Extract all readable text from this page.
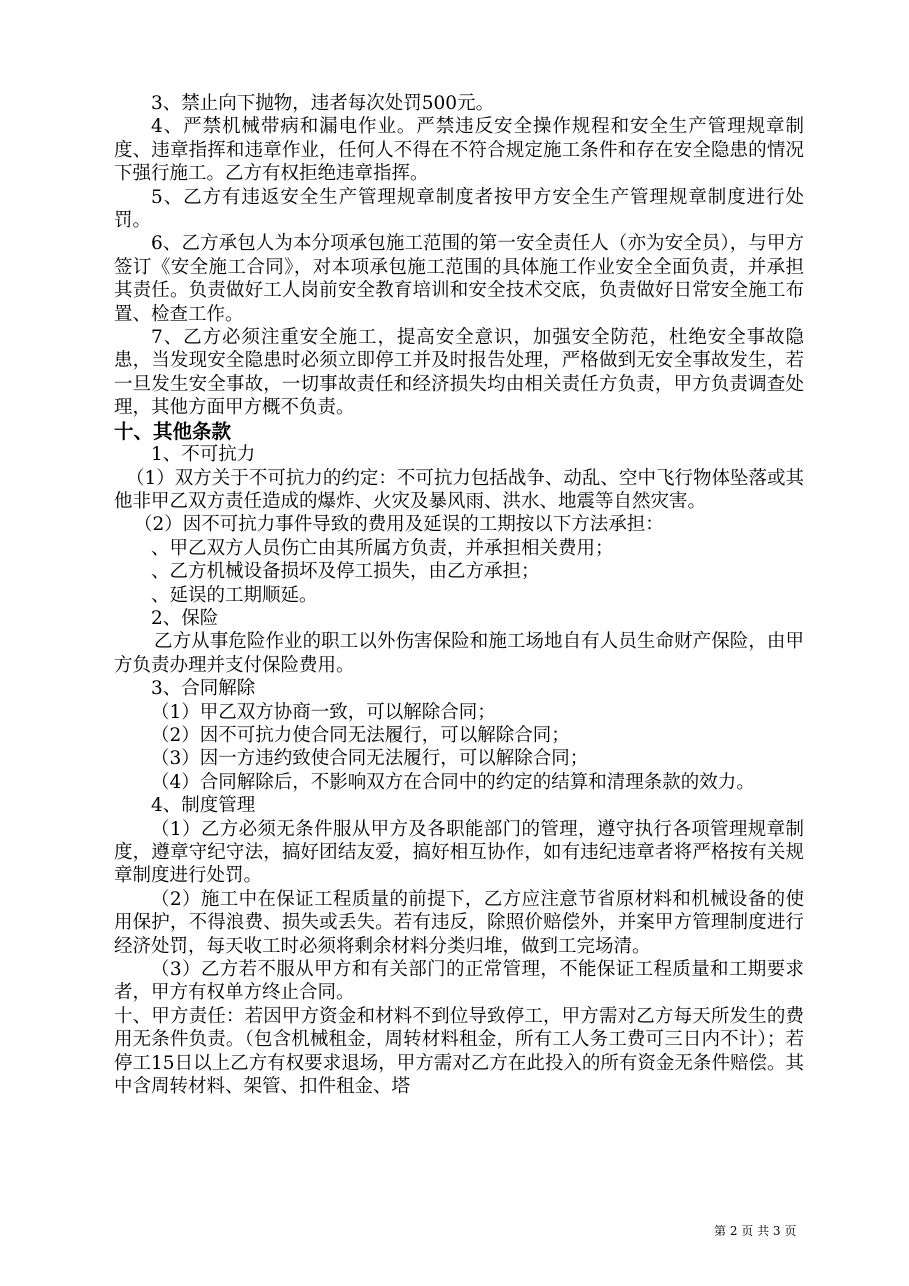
3、禁止向下抛物，违者每次处罚500元。

4、严禁机械带病和漏电作业。严禁违反安全操作规程和安全生产管理规章制度、违章指挥和违章作业，任何人不得在不符合规定施工条件和存在安全隐患的情况下强行施工。乙方有权拒绝违章指挥。

5、乙方有违返安全生产管理规章制度者按甲方安全生产管理规章制度进行处罚。

6、乙方承包人为本分项承包施工范围的第一安全责任人（亦为安全员），与甲方签订《安全施工合同》，对本项承包施工范围的具体施工作业安全全面负责，并承担其责任。负责做好工人岗前安全教育培训和安全技术交底，负责做好日常安全施工布置、检查工作。

7、乙方必须注重安全施工，提高安全意识，加强安全防范，杜绝安全事故隐患，当发现安全隐患时必须立即停工并及时报告处理，严格做到无安全事故发生，若一旦发生安全事故，一切事故责任和经济损失均由相关责任方负责，甲方负责调查处理，其他方面甲方概不负责。

十、其他条款

1、不可抗力

（1）双方关于不可抗力的约定：不可抗力包括战争、动乱、空中飞行物体坠落或其他非甲乙双方责任造成的爆炸、火灾及暴风雨、洪水、地震等自然灾害。

（2）因不可抗力事件导致的费用及延误的工期按以下方法承担：

、甲乙双方人员伤亡由其所属方负责，并承担相关费用；

、乙方机械设备损坏及停工损失，由乙方承担；

、延误的工期顺延。

2、保险

乙方从事危险作业的职工以外伤害保险和施工场地自有人员生命财产保险，由甲方负责办理并支付保险费用。

3、合同解除

（1）甲乙双方协商一致，可以解除合同；

（2）因不可抗力使合同无法履行，可以解除合同；

（3）因一方违约致使合同无法履行，可以解除合同；

（4）合同解除后，不影响双方在合同中的约定的结算和清理条款的效力。

4、制度管理

（1）乙方必须无条件服从甲方及各职能部门的管理，遵守执行各项管理规章制度，遵章守纪守法，搞好团结友爱，搞好相互协作，如有违纪违章者将严格按有关规章制度进行处罚。

（2）施工中在保证工程质量的前提下，乙方应注意节省原材料和机械设备的使用保护，不得浪费、损失或丢失。若有违反，除照价赔偿外，并案甲方管理制度进行经济处罚，每天收工时必须将剩余材料分类归堆，做到工完场清。

（3）乙方若不服从甲方和有关部门的正常管理，不能保证工程质量和工期要求者，甲方有权单方终止合同。

十、甲方责任：若因甲方资金和材料不到位导致停工，甲方需对乙方每天所发生的费用无条件负责。（包含机械租金，周转材料租金，所有工人务工费可三日内不计）；若停工15日以上乙方有权要求退场，甲方需对乙方在此投入的所有资金无条件赔偿。其中含周转材料、架管、扣件租金、塔

第 2 页 共 3 页
